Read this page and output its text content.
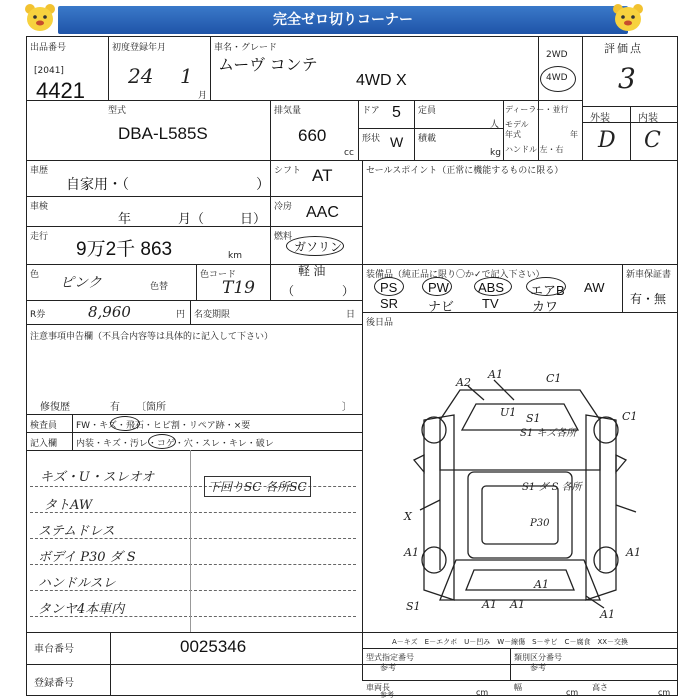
完全ゼロ切りコーナー
出品番号
[2041]
4421
初度登録年月
24 1
月
車名・グレード
ムーヴ コンテ
4WD X
2WD
4WD
評価点
3
外装	内装
D C
型式
DBA-L585S
排気量
660
cc
ドア 5
形状 W
定員
人
積載
kg
ディーラー・並行
モデル
年式	年
ハンドル 左・右
車歴
自家用・（	）
シフト AT
車検
年	月（	日）
冷房 AAC
走行
9万2千 863	km
燃料
ガソリン
軽 油
（　　　　）
色 ピンク	色替
色コード
T19
R券	8,960	円 名変期限	日
注意事項申告欄（不具合内容等は具体的に記入して下さい）
修復歴	有 〔箇所	〕
検査員
記入欄
FW・キズ・飛石・ヒビ割・リペア跡・×要
内装・キズ・汚レ・コゲ・穴・スレ・キレ・破レ
キズ・U・スレオオ
タトAW
ステムドレス
ボデイ P30 ダ S
ハンドルスレ
タンヤ4本車内
下回りSC 各所SC
セールスポイント（正常に機能するものに限る）
装備品（純正品に限り〇か✓で記入下さい）
PS PW ABS エアB AW
SR ナビ TV	カワ
新車保証書
有・無
後日品
A2
A1
S1
U1
X
A1	A1
S1
A1
C1
C1
A1
A1
A1
S1 キズ各所
S1 ダ S 各所
P30
A－キズ　E－エクボ　U－凹み　W－線傷　S－サビ　C－腐食　XX－交換
車台番号	0025346
登録番号
型式指定番号
参考
類別区分番号
参考
車両長
参考	cm
幅
cm
高さ
cm
